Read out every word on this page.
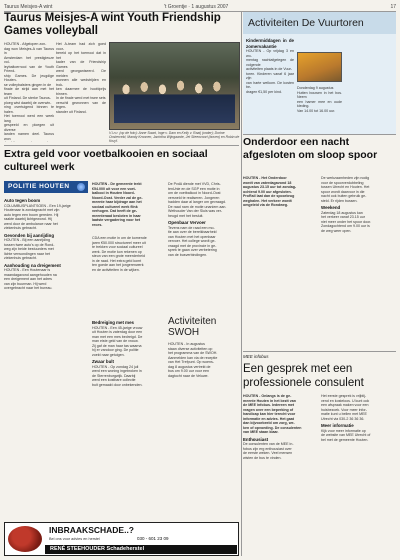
Taurus Meisjes-A wint	't Groentje · 1 augustus 2007	17
Taurus Meisjes-A wint Youth Friendship Games volleyball
HOUTEN - Afgelopen zon-
dag won Meisjes-A van Taurus in
Amsterdam het prestigieuze vol-
leybaltoernooi van de Youth Friend-
ship Games. De jeugdige Houten-
se volleybalsters gingen in de
finale de strijd aan met het team
uit Finland. De sterke Taurus-
ploeg wist daarbij de overwin-
ning overtuigend binnen te halen.
Het toernooi werd een week lang
gespeeld en ploegen uit diverse
landen namen deel. Taurus won
Het A-team had zich goed voor-
bereid op het toernooi dat in het
kader van de Friendship Games
werd georganiseerd. De meiden
wonnen alle wedstrijden en trok-
ken daarmee de hoofdprijs binnen.
In de finale werd met twee sets
verschil gewonnen van de tegen-
stander uit Finland.
V.l.n.r. (op de foto): Anne Swart, Inge v. Dam en Kelly v. Raaij (onder); Dorine Oosterveld, Mandy Kroonen, Jacintha Wijngaarde, Jet Steenvoort (boven) en Robin de Kruyf.
Extra geld voor voetbalkooien en sociaal cultureel werk
HOUTEN - De gemeente trekt
€54.000 uit voor een voet-
balkooi in Houten Noord-
Noord-Oost. Verder zal de ge-
meente haar bijdrage aan het
sociaal cultureel werk flink
verhogen. Dat heeft de ge-
meenteraad besloten in haar
laatste vergadering voor het
reces.
CDA een motie in om de komende
jaren €50.000 structureel meer uit
te trekken voor sociaal cultureel
werk. De motie kon rekenen op
steun van een grote meerderheid
in de raad. Het extra geld komt
ten goede aan het jongerenwerk
en de activiteiten in de wijken.
De PvdA diende met VVD, Chris-
tenUnie en de SGP een motie in
om de voetbalkooi in Noord-Oost
versneld te realiseren. Jongeren
hadden daar al langer om gevraagd.
De raad nam de motie unaniem aan.
Wethouder Van der Sluis was ver-
heugd met het besluit.
Openbaar Vervoer
Tevens nam de raad een mo-
tie aan over de bereikbaarheid
van Houten met het openbaar
vervoer. Het college wordt ge-
vraagd met de provincie in ge-
sprek te gaan over verbetering
van de busverbindingen.
POLITIE HOUTEN
Auto tegen boom
COLUMBUSPLANTSOEN - Een 19-jarige
Houtenaar is zondagnacht met zijn
auto tegen een boom gereden. Hij
raakte daarbij lichtgewond. Hij
werd door de ambulance naar het
ziekenhuis gebracht.
Gevonden bij aanrijding
HOUTEN - Bij een aanrijding
tussen twee auto's op de Rond-
weg zijn beide bestuurders met
lichte verwondingen naar het
ziekenhuis gebracht.
Aanhouding na dreigement
HOUTEN - Een Houtenaar is
maandagavond aangehouden na
een dreigement aan het adres
van zijn buurman. Hij werd
overgebracht naar het bureau.
Bedreiging met mes
HOUTEN - Een 45-jarige vrouw
uit Houten is zaterdag door een
man met een mes bedreigd. De
man eiste geld van de vrouw.
Zij gaf de man haar tas waarna
hij er vandoor ging. De politie
zoekt naar getuigen.
Zwaar bult
HOUTEN - Op zondag 24 juli
werd een woning ingebroken in
de Sterrenburgwijk. Daarbij
werd een kostbare collectie
buit gemaakt door onbekenden.
Activiteiten SWOH
HOUTEN - In augustus
staan diverse activiteiten op
het programma van de SWOH.
Aanmelden kan via de receptie
van Het Trefpunt. Op woens-
dag 8 augustus vertrekt de
bus om 9.00 uur voor een
dagtocht naar de Veluwe.
INBRAAKSCHADE..?
Bel ons voor advies en herstel	030 - 601 23 09
RENÉ STEEHOUDER Schadeherstel
Activiteiten De Vuurtoren
Kindermiddagen in de zomervakantie
HOUTEN - Op vrijdag 3 en wo-
mentag nachtafgelegen de volgende
activiteiten plaats in de Vuur-
toren. Kinderen vanaf 6 jaar zijn
van harte welkom. De kosten be-
dragen €1,50 per kind.
Donderdag 9 augustus
Hutten bouwen in het bos. Neem
een hamer mee en oude kleding.
Van 14.00 tot 16.00 uur.
Onderdoor een nacht afgesloten om sloop spoor
HOUTEN - Het Onderdoor
wordt van zaterdagavond 18
augustus 23.15 uur tot zondag-
ochtend 9.00 uur afgesloten.
ProRail laat dan de spoorbrug
weghalen. Het verkeer wordt
omgeleid via de Rondweg.
De werkzaamheden zijn nodig
voor de spoorverdubbeling
tussen Utrecht en Houten. Het
spoor wordt daarvoor in die
nacht ook buiten gebruik ge-
steld. Er rijden bussen.
Weekend
Zaterdag 18 augustus kan
het verkeer vanaf 23.15 uur
niet meer onder het spoor door.
Zondagochtend om 9.00 uur is
de weg weer open.
MEE infobus
Een gesprek met een professionele consulent
HOUTEN - Onlangs is de ge-
meente Houten in het bezit van
de MEE infobus. Iedereen met
vragen over een beperking of
handicap kan hier terecht voor
informatie en advies. Het gaat
dan bijvoorbeeld om zorg, we-
ken of opvoeding. De consulenten
van MEE staan klaar.
Enthousiast
De consulenten van de MEE in-
fobus zijn erg enthousiast over
de eerste weken. Veel mensen
wisten de bus te vinden.
Het eerste gesprek is vrijblij-
vend en kosteloos. U kunt ook
een afspraak maken voor een
huisbezoek. Voor meer infor-
matie kunt u bellen met MEE
Utrecht via 030-2 36 36 36.
Meer informatie
Kijk voor meer informatie op
de website van MEE Utrecht of
bel met de gemeente Houten.
